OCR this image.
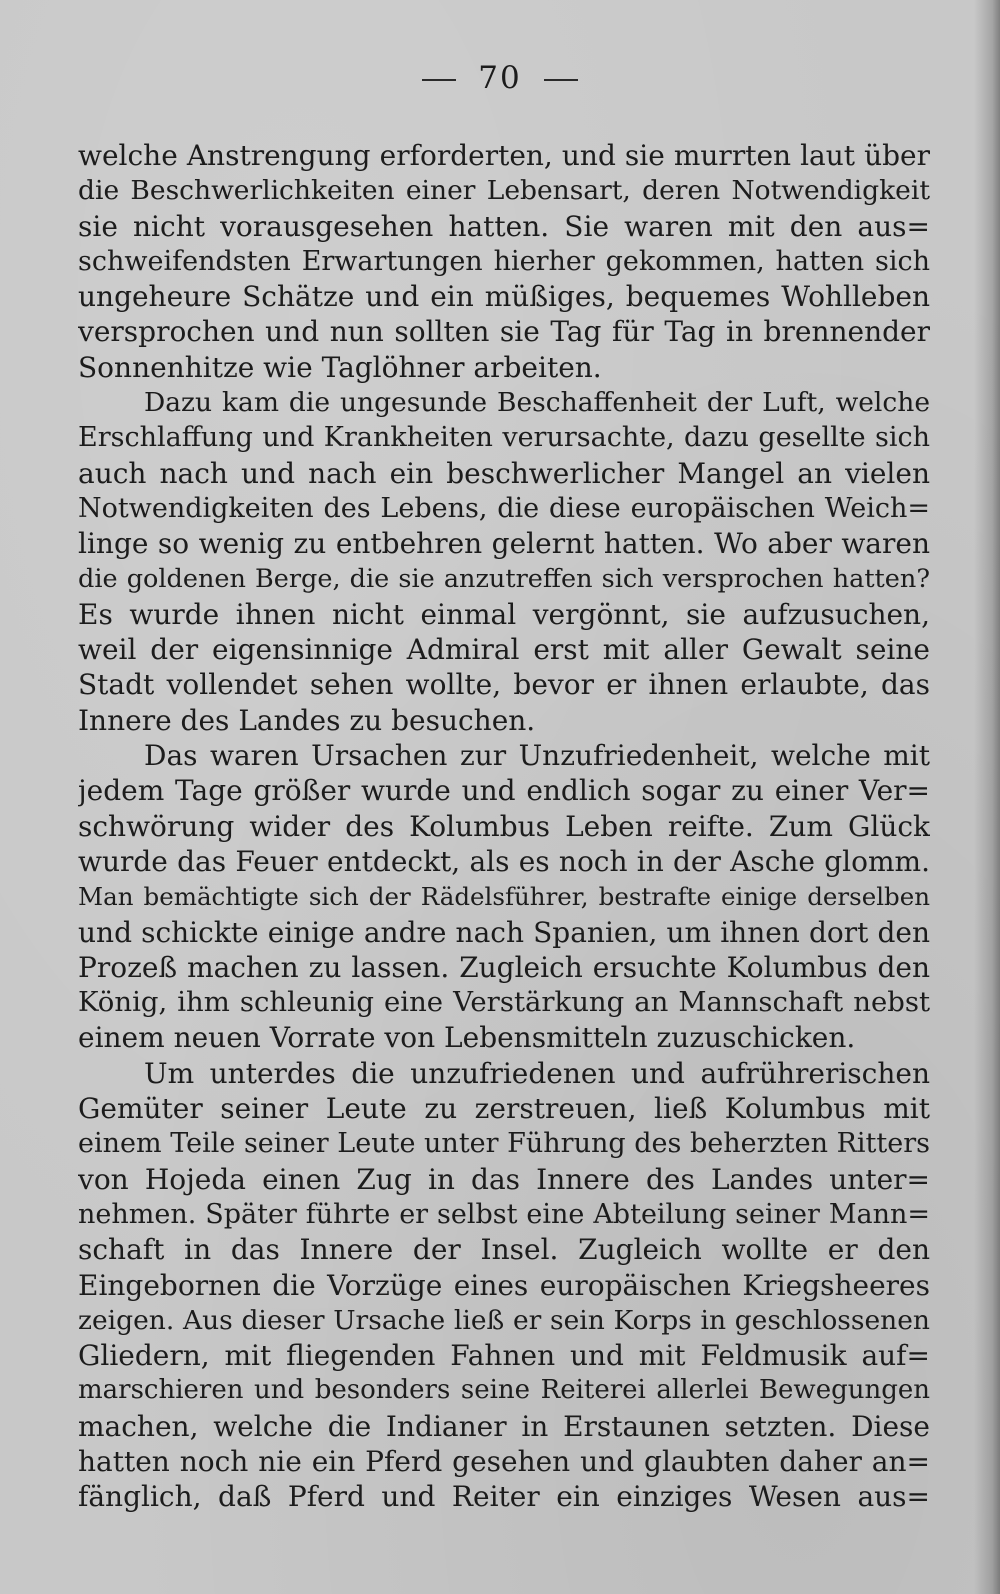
70
welche Anstrengung erforderten, und sie murrten laut über
die Beschwerlichkeiten einer Lebensart, deren Notwendigkeit
sie nicht vorausgesehen hatten. Sie waren mit den aus=
schweifendsten Erwartungen hierher gekommen, hatten sich
ungeheure Schätze und ein müßiges, bequemes Wohlleben
versprochen und nun sollten sie Tag für Tag in brennender
Sonnenhitze wie Taglöhner arbeiten.
Dazu kam die ungesunde Beschaffenheit der Luft, welche
Erschlaffung und Krankheiten verursachte, dazu gesellte sich
auch nach und nach ein beschwerlicher Mangel an vielen
Notwendigkeiten des Lebens, die diese europäischen Weich=
linge so wenig zu entbehren gelernt hatten. Wo aber waren
die goldenen Berge, die sie anzutreffen sich versprochen hatten?
Es wurde ihnen nicht einmal vergönnt, sie aufzusuchen,
weil der eigensinnige Admiral erst mit aller Gewalt seine
Stadt vollendet sehen wollte, bevor er ihnen erlaubte, das
Innere des Landes zu besuchen.
Das waren Ursachen zur Unzufriedenheit, welche mit
jedem Tage größer wurde und endlich sogar zu einer Ver=
schwörung wider des Kolumbus Leben reifte. Zum Glück
wurde das Feuer entdeckt, als es noch in der Asche glomm.
Man bemächtigte sich der Rädelsführer, bestrafte einige derselben
und schickte einige andre nach Spanien, um ihnen dort den
Prozeß machen zu lassen. Zugleich ersuchte Kolumbus den
König, ihm schleunig eine Verstärkung an Mannschaft nebst
einem neuen Vorrate von Lebensmitteln zuzuschicken.
Um unterdes die unzufriedenen und aufrührerischen
Gemüter seiner Leute zu zerstreuen, ließ Kolumbus mit
einem Teile seiner Leute unter Führung des beherzten Ritters
von Hojeda einen Zug in das Innere des Landes unter=
nehmen. Später führte er selbst eine Abteilung seiner Mann=
schaft in das Innere der Insel. Zugleich wollte er den
Eingebornen die Vorzüge eines europäischen Kriegsheeres
zeigen. Aus dieser Ursache ließ er sein Korps in geschlossenen
Gliedern, mit fliegenden Fahnen und mit Feldmusik auf=
marschieren und besonders seine Reiterei allerlei Bewegungen
machen, welche die Indianer in Erstaunen setzten. Diese
hatten noch nie ein Pferd gesehen und glaubten daher an=
fänglich, daß Pferd und Reiter ein einziges Wesen aus=
